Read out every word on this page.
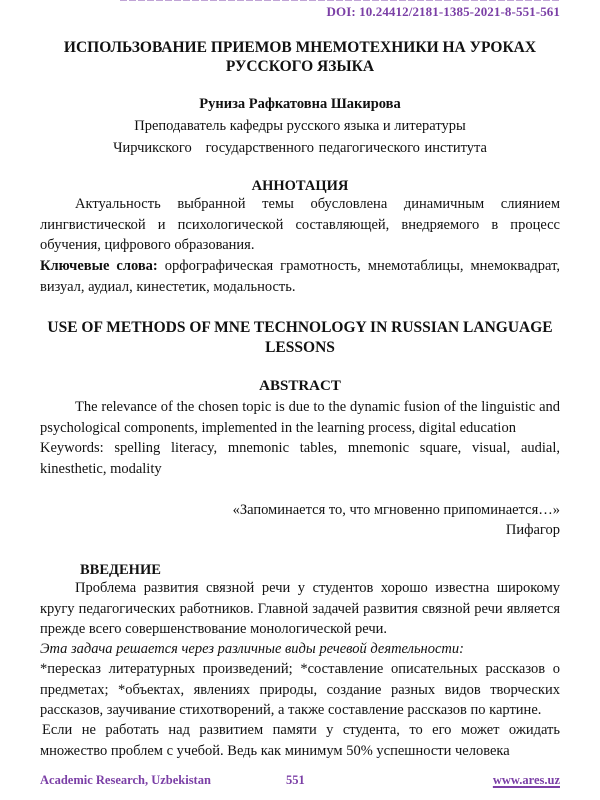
DOI: 10.24412/2181-1385-2021-8-551-561
ИСПОЛЬЗОВАНИЕ ПРИЕМОВ МНЕМОТЕХНИКИ НА УРОКАХ
РУССКОГО ЯЗЫКА
Руниза Рафкатовна Шакирова
Преподаватель кафедры русского языка и литературы
Чирчикского   государственного педагогического института
АННОТАЦИЯ
Актуальность выбранной темы обусловлена динамичным слиянием лингвистической и психологической составляющей, внедряемого в процесс обучения, цифрового образования.
Ключевые слова: орфографическая грамотность, мнемотаблицы, мнемоквадрат, визуал, аудиал, кинестетик, модальность.
USE OF METHODS OF MNE TECHNOLOGY IN RUSSIAN LANGUAGE
LESSONS
ABSTRACT
The relevance of the chosen topic is due to the dynamic fusion of the linguistic and psychological components, implemented in the learning process, digital education
Keywords: spelling literacy, mnemonic tables, mnemonic square, visual, audial, kinesthetic, modality
«Запоминается то, что мгновенно припоминается…»
Пифагор
ВВЕДЕНИЕ
Проблема развития связной речи у студентов хорошо известна широкому кругу педагогических работников. Главной задачей развития связной речи является прежде всего совершенствование монологической речи.
Эта задача решается через различные виды речевой деятельности:
*пересказ литературных произведений; *составление описательных рассказов о предметах; *объектах, явлениях природы, создание разных видов творческих рассказов, заучивание стихотворений, а также составление рассказов по картине.
Если не работать над развитием памяти у студента, то его может ожидать множество проблем с учебой. Ведь как минимум 50% успешности человека
Academic Research, Uzbekistan	551	www.ares.uz
